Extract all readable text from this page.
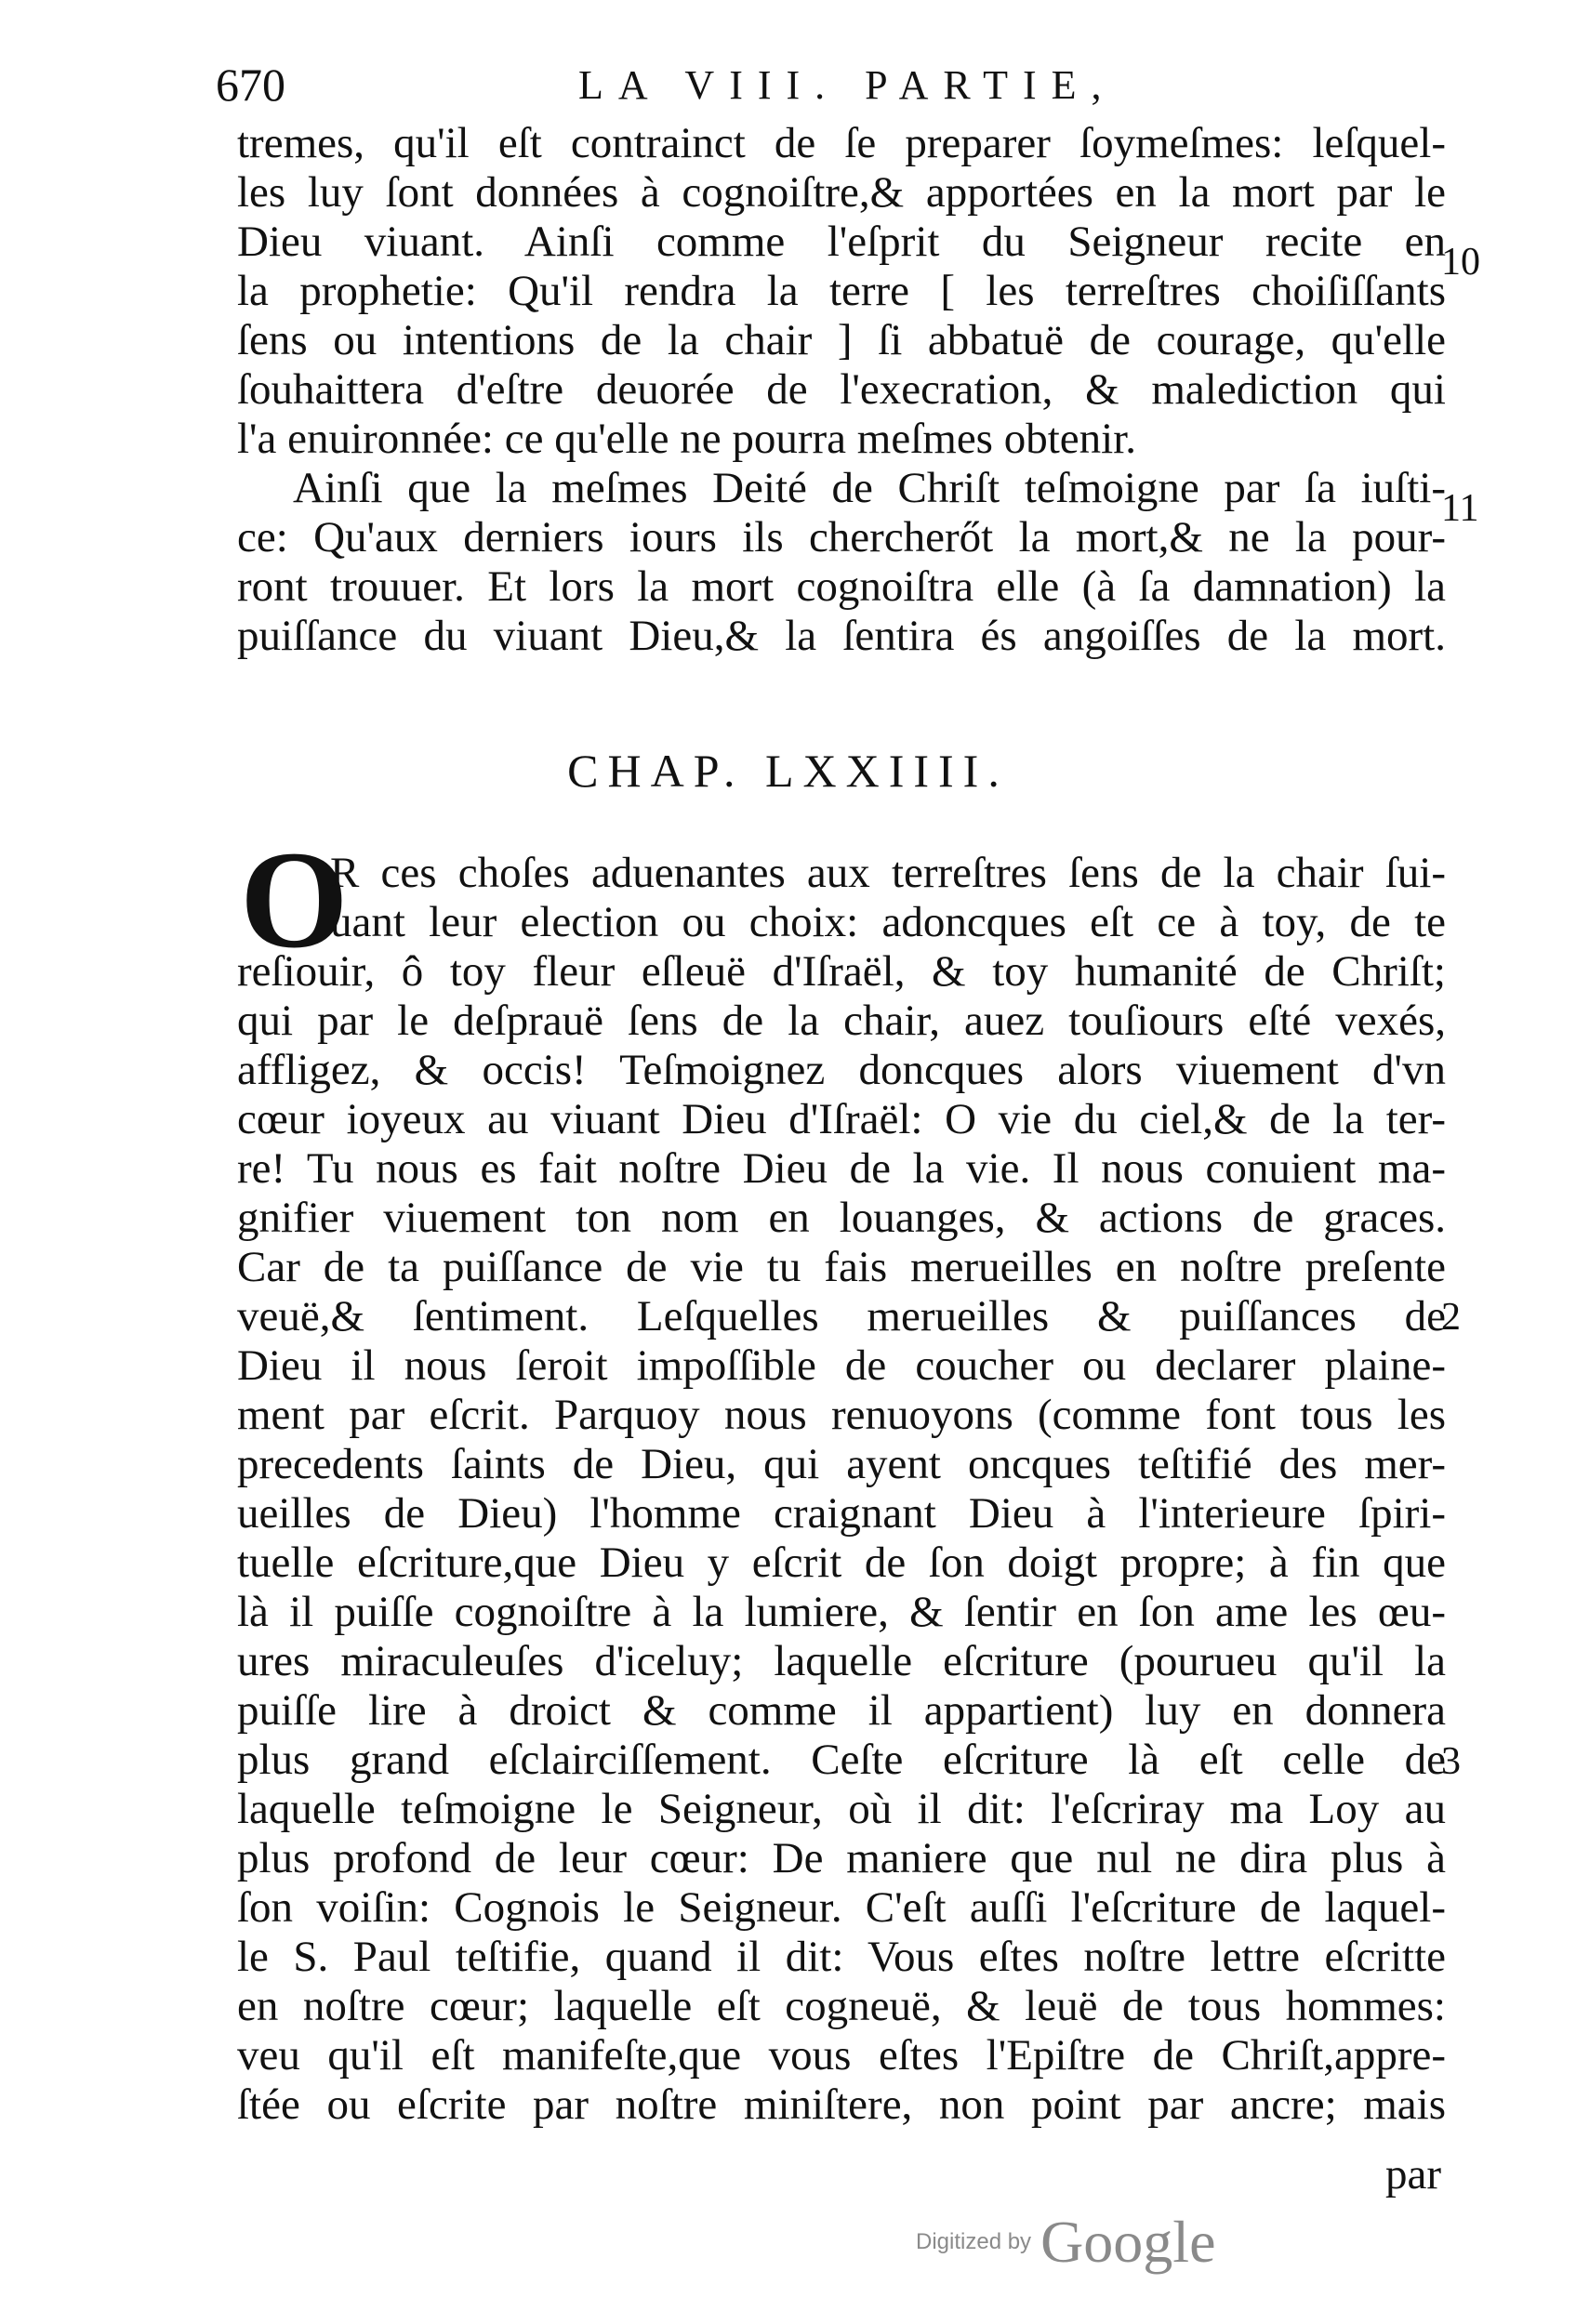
670	LA VIII. PARTIE,
tremes, qu'il eſt contrainct de ſe preparer ſoymeſmes: leſquel-
les luy ſont données à cognoiſtre,& apportées en la mort par le
Dieu viuant. Ainſi comme l'eſprit du Seigneur recite en
la prophetie: Qu'il rendra la terre [ les terreſtres choiſiſſants
ſens ou intentions de la chair ] ſi abbatuë de courage, qu'elle
ſouhaittera d'eſtre deuorée de l'execration, & malediction qui
l'a enuironnée: ce qu'elle ne pourra meſmes obtenir.
Ainſi que la meſmes Deité de Chriſt teſmoigne par ſa iuſti-
ce: Qu'aux derniers iours ils chercherőt la mort,& ne la pour-
ront trouuer. Et lors la mort cognoiſtra elle (à ſa damnation) la
puiſſance du viuant Dieu,& la ſentira és angoiſſes de la mort.
10
11
CHAP. LXXIIII.
O
R ces choſes aduenantes aux terreſtres ſens de la chair ſui-
uant leur election ou choix: adoncques eſt ce à toy, de te
reſiouir, ô toy fleur eſleuë d'Iſraël, & toy humanité de Chriſt;
qui par le deſprauë ſens de la chair, auez touſiours eſté vexés,
affligez, & occis! Teſmoignez doncques alors viuement d'vn
cœur ioyeux au viuant Dieu d'Iſraël: O vie du ciel,& de la ter-
re! Tu nous es fait noſtre Dieu de la vie. Il nous conuient ma-
gnifier viuement ton nom en louanges, & actions de graces.
Car de ta puiſſance de vie tu fais merueilles en noſtre preſente
veuë,& ſentiment. Leſquelles merueilles & puiſſances de
Dieu il nous ſeroit impoſſible de coucher ou declarer plaine-
ment par eſcrit. Parquoy nous renuoyons (comme font tous les
precedents ſaints de Dieu, qui ayent oncques teſtifié des mer-
ueilles de Dieu) l'homme craignant Dieu à l'interieure ſpiri-
tuelle eſcriture,que Dieu y eſcrit de ſon doigt propre; à fin que
là il puiſſe cognoiſtre à la lumiere, & ſentir en ſon ame les œu-
ures miraculeuſes d'iceluy; laquelle eſcriture (pourueu qu'il la
puiſſe lire à droict & comme il appartient) luy en donnera
plus grand eſclairciſſement. Ceſte eſcriture là eſt celle de
laquelle teſmoigne le Seigneur, où il dit: l'eſcriray ma Loy au
plus profond de leur cœur: De maniere que nul ne dira plus à
ſon voiſin: Cognois le Seigneur. C'eſt auſſi l'eſcriture de laquel-
le S. Paul teſtifie, quand il dit: Vous eſtes noſtre lettre eſcritte
en noſtre cœur; laquelle eſt cogneuë, & leuë de tous hommes:
veu qu'il eſt manifeſte,que vous eſtes l'Epiſtre de Chriſt,appre-
ſtée ou eſcrite par noſtre miniſtere, non point par ancre; mais
2
3
par
Digitized by Google
